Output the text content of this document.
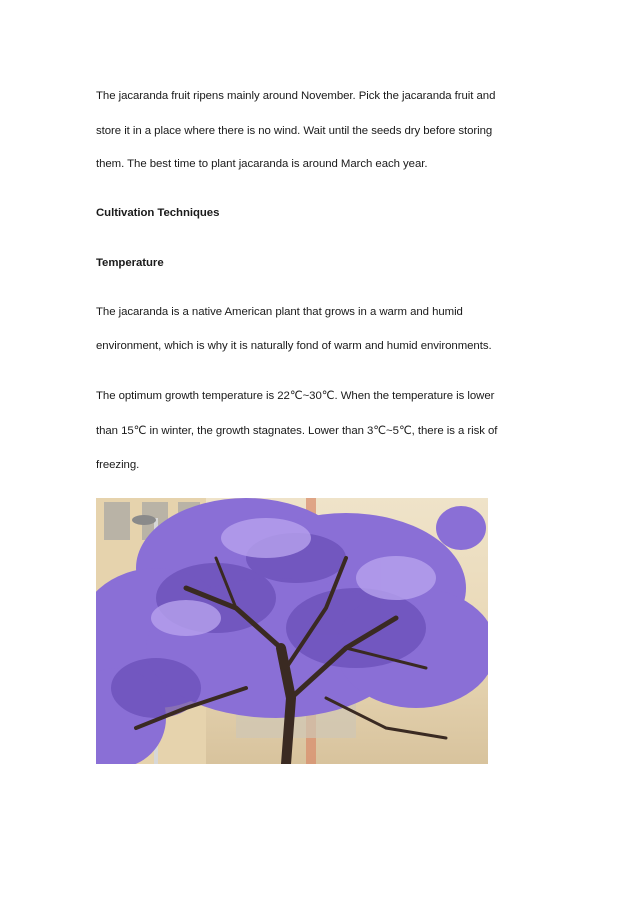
The jacaranda fruit ripens mainly around November. Pick the jacaranda fruit and
store it in a place where there is no wind. Wait until the seeds dry before storing
them. The best time to plant jacaranda is around March each year.
Cultivation Techniques
Temperature
The jacaranda is a native American plant that grows in a warm and humid
environment, which is why it is naturally fond of warm and humid environments.
The optimum growth temperature is 22℃~30℃. When the temperature is lower
than 15℃ in winter, the growth stagnates. Lower than 3℃~5℃, there is a risk of
freezing.
